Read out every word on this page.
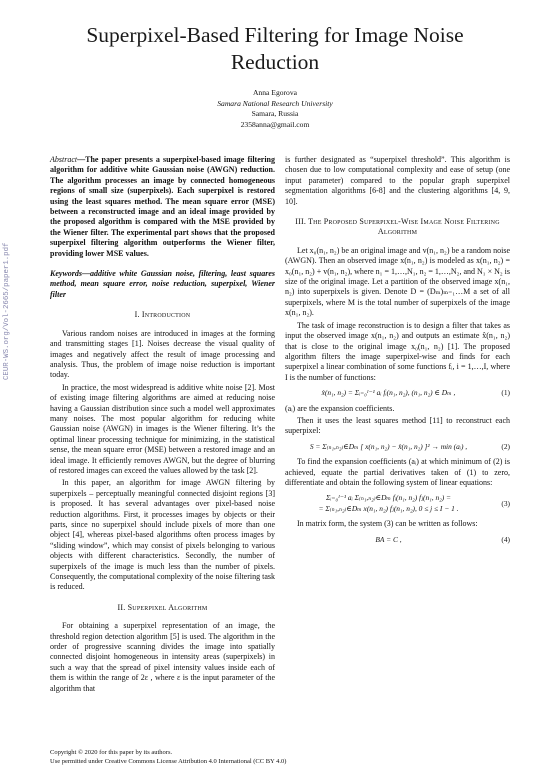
CEUR-WS.org/Vol-2665/paper1.pdf
Superpixel-Based Filtering for Image Noise Reduction
Anna Egorova
Samara National Research University
Samara, Russia
2358anna@gmail.com

Abstract—The paper presents a superpixel-based image filtering algorithm for additive white Gaussian noise (AWGN) reduction. The algorithm processes an image by connected homogeneous regions of small size (superpixels). Each superpixel is restored using the least squares method. The mean square error (MSE) between a reconstructed image and an ideal image provided by the proposed algorithm is compared with the MSE provided by the Wiener filter. The experimental part shows that the proposed superpixel filtering algorithm outperforms the Wiener filter, providing lower MSE values.

Keywords—additive white Gaussian noise, filtering, least squares method, mean square error, noise reduction, superpixel, Wiener filter

I. Introduction

Various random noises are introduced in images at the forming and transmitting stages [1]. Noises decrease the visual quality of images and negatively affect the result of image processing and analysis. Thus, the problem of image noise reduction is important today.

In practice, the most widespread is additive white noise [2]. Most of existing image filtering algorithms are aimed at reducing noise having a Gaussian distribution since such a model well approximates many noises. The most popular algorithm for reducing white Gaussian noise (AWGN) in images is the Wiener filtering. It’s the optimal linear processing technique for minimizing, in the statistical sense, the mean square error (MSE) between a restored image and an ideal image. It efficiently removes AWGN, but the degree of blurring of restored images can exceed the values allowed by the task [2].

In this paper, an algorithm for image AWGN filtering by superpixels – perceptually meaningful connected disjoint regions [3] is proposed. It has several advantages over pixel-based noise reduction algorithms. First, it processes images by objects or their parts, since no superpixel should include pixels of more than one object [4], whereas pixel-based algorithms often process images by “sliding window”, which may consist of pixels belonging to various objects with different characteristics. Secondly, the number of superpixels of the image is much less than the number of pixels. Consequently, the computational complexity of the noise filtering task is reduced.

II. Superpixel Algorithm

For obtaining a superpixel representation of an image, the threshold region detection algorithm [5] is used. The algorithm in the order of progressive scanning divides the image into spatially connected disjoint homogeneous in intensity areas (superpixels) in such a way that the spread of pixel intensity values inside each of them is within the range of 2ε , where ε is the input parameter of the algorithm that

is further designated as “superpixel threshold”. This algorithm is chosen due to low computational complexity and ease of setup (one input parameter) compared to the popular graph superpixel segmentation algorithms [6-8] and the clustering algorithms [4, 9, 10].

III. The Proposed Superpixel-Wise Image Noise Filtering Algorithm

Let x₀(n₁, n₂) be an original image and v(n₁, n₂) be a random noise (AWGN). Then an observed image x(n₁, n₂) is modeled as x(n₁, n₂) = x₀(n₁, n₂) + v(n₁, n₂), where n₁ = 1,…,N₁, n₂ = 1,…,N₂, and N₁ × N₂ is size of the original image. Let a partition of the observed image x(n₁, n₂) into superpixels is given. Denote D = (Dₘ)ₘ₌₁…M a set of all superpixels, where M is the total number of superpixels of the image x(n₁, n₂).

The task of image reconstruction is to design a filter that takes as input the observed image x(n₁, n₂) and outputs an estimate x̂(n₁, n₂) that is close to the original image x₀(n₁, n₂) [1]. The proposed algorithm filters the image superpixel-wise and finds for each superpixel a linear combination of some functions fᵢ, i = 1,…,I, where I is the number of functions:

x̂(n₁, n₂) = Σᵢ₌₀ᴵ⁻¹ aᵢ fᵢ(n₁, n₂), (n₁, n₂) ∈ Dₘ ,	(1)

(aᵢ) are the expansion coefficients.

Then it uses the least squares method [11] to reconstruct each superpixel:

S = Σ₍ₙ₁,ₙ₂₎∈Dₘ [ x(n₁, n₂) − x̂(n₁, n₂) ]² → min (aᵢ) ,	(2)

To find the expansion coefficients (aᵢ) at which minimum of (2) is achieved, equate the partial derivatives taken of (1) to zero, differentiate and obtain the following system of linear equations:

Σᵢ₌₀ᴵ⁻¹ aᵢ Σ₍ₙ₁,ₙ₂₎∈Dₘ fᵢ(n₁, n₂) fⱼ(n₁, n₂) =
= Σ₍ₙ₁,ₙ₂₎∈Dₘ x(n₁, n₂) fⱼ(n₁, n₂), 0 ≤ j ≤ I − 1 .
(3)

In matrix form, the system (3) can be written as follows:

BA = C ,	(4)
Copyright © 2020 for this paper by its authors.
Use permitted under Creative Commons License Attribution 4.0 International (CC BY 4.0)
